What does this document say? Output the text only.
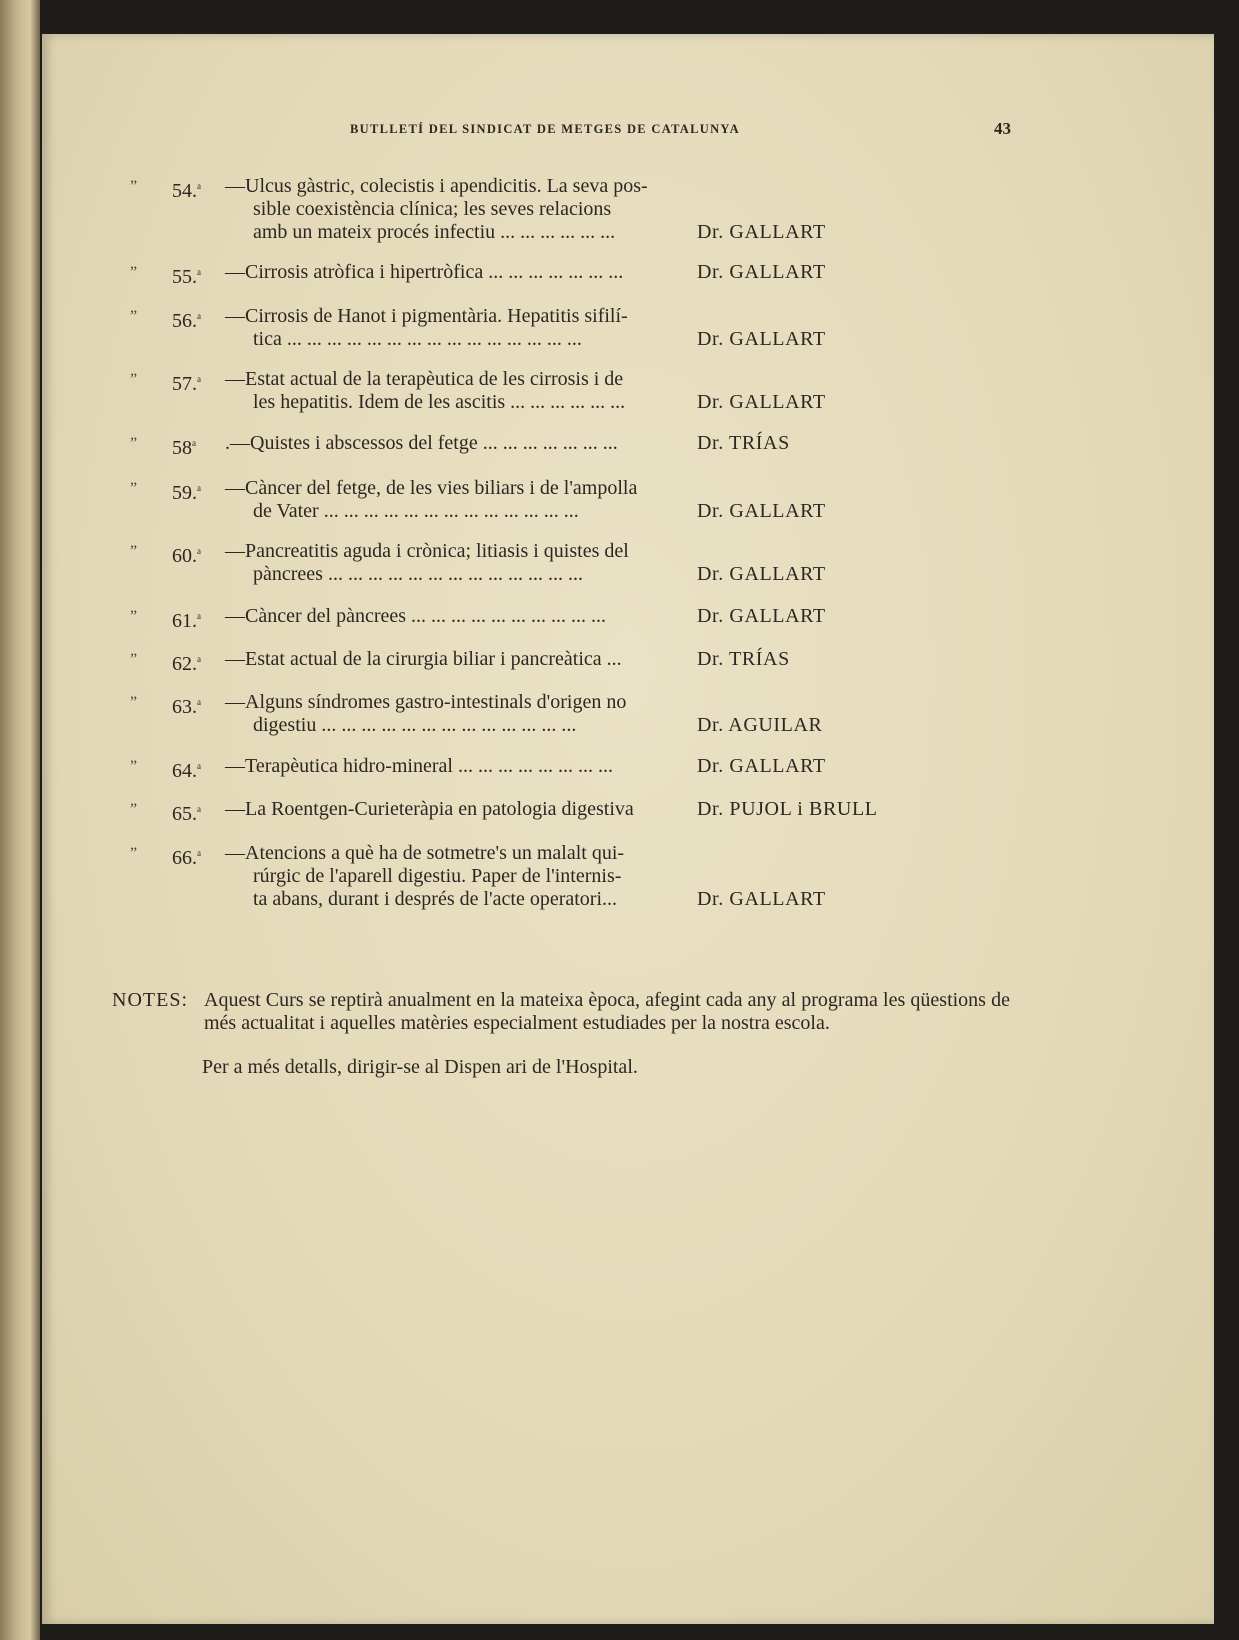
BUTLLETÍ DEL SINDICAT DE METGES DE CATALUNYA	43
” 54.$^a$ —Ulcus gàstric, colecistis i apendicitis. La seva pos-
sible coexistència clínica; les seves relacions
amb un mateix procés infectiu ... ... ... ... ... ...	Dr. GALLART
” 55.$^a$ —Cirrosis atròfica i hipertròfica ... ... ... ... ... ... ...	Dr. GALLART
” 56.$^a$ —Cirrosis de Hanot i pigmentària. Hepatitis sifilí-
tica ... ... ... ... ... ... ... ... ... ... ... ... ... ... ...	Dr. GALLART
” 57.$^a$ —Estat actual de la terapèutica de les cirrosis i de
les hepatitis. Idem de les ascitis ... ... ... ... ... ...	Dr. GALLART
” 58$^a$ .—Quistes i abscessos del fetge ... ... ... ... ... ... ...	Dr. TRÍAS
” 59.$^a$ —Càncer del fetge, de les vies biliars i de l'ampolla
de Vater ... ... ... ... ... ... ... ... ... ... ... ... ...	Dr. GALLART
” 60.$^a$ —Pancreatitis aguda i crònica; litiasis i quistes del
pàncrees ... ... ... ... ... ... ... ... ... ... ... ... ...	Dr. GALLART
” 61.$^a$ —Càncer del pàncrees ... ... ... ... ... ... ... ... ... ...	Dr. GALLART
” 62.$^a$ —Estat actual de la cirurgia biliar i pancreàtica ...	Dr. TRÍAS
” 63.$^a$ —Alguns síndromes gastro-intestinals d'origen no
digestiu ... ... ... ... ... ... ... ... ... ... ... ... ...	Dr. AGUILAR
” 64.$^a$ —Terapèutica hidro-mineral ... ... ... ... ... ... ... ...	Dr. GALLART
” 65.$^a$ —La Roentgen-Curieteràpia en patologia digestiva	Dr. PUJOL i BRULL
” 66.$^a$ —Atencions a què ha de sotmetre's un malalt qui-
rúrgic de l'aparell digestiu. Paper de l'internis-
ta abans, durant i després de l'acte operatori...	Dr. GALLART
NOTES: Aquest Curs se reptirà anualment en la mateixa època, afegint cada any al programa les qüestions de més actualitat i aquelles matèries especialment estudiades per la nostra escola.
Per a més detalls, dirigir-se al Dispen ari de l'Hospital.
